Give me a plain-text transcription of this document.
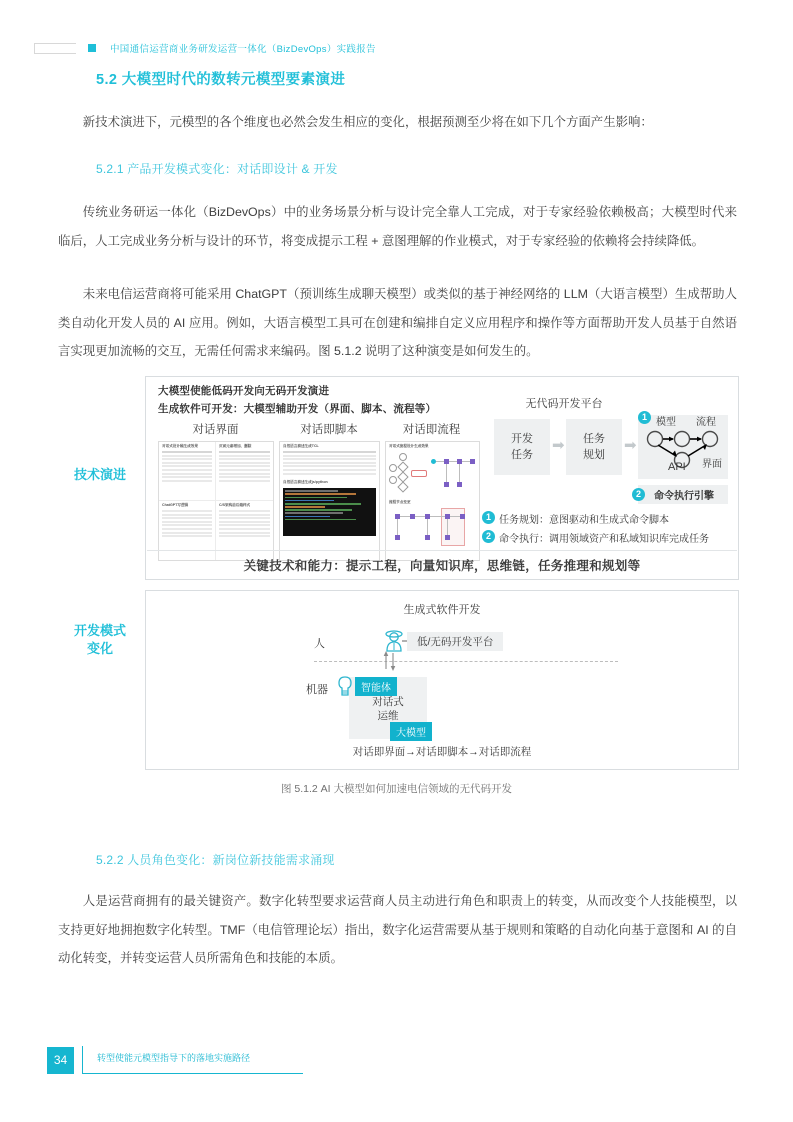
中国通信运营商业务研发运营一体化（BizDevOps）实践报告
5.2 大模型时代的数转元模型要素演进

新技术演进下，元模型的各个维度也必然会发生相应的变化，根据预测至少将在如下几个方面产生影响：

5.2.1 产品开发模式变化：对话即设计 & 开发

传统业务研运一体化（BizDevOps）中的业务场景分析与设计完全靠人工完成，对于专家经验依赖极高；大模型时代来临后，人工完成业务分析与设计的环节，将变成提示工程 + 意图理解的作业模式，对于专家经验的依赖将会持续降低。

未来电信运营商将可能采用 ChatGPT（预训练生成聊天模型）或类似的基于神经网络的 LLM（大语言模型）生成帮助人类自动化开发人员的 AI 应用。例如，大语言模型工具可在创建和编排自定义应用程序和操作等方面帮助开发人员基于自然语言实现更加流畅的交互，无需任何需求来编码。图 5.1.2 说明了这种演变是如何发生的。

技术演进
开发模式
变化
大模型使能低码开发向无码开发演进
生成软件可开发：大模型辅助开发（界面、脚本、流程等）
对话界面	对话即脚本	对话即流程
对话式设计稿生成效果	页面元素增加、删除
ChatGPT写逻辑	C/S架构前后端样式
自然语言描述生成TCL
自然语言描述生成js/python
对话式流程设计生成效果
流程节点变更
无代码开发平台
开发
任务
➡ 任务
规划
➡
1 模型 流程
界面
API
命令执行引擎
2
1 任务规划：意图驱动和生成式命令脚本
2 命令执行：调用领域资产和私域知识库完成任务
关键技术和能力：提示工程，向量知识库，思维链，任务推理和规划等
生成式软件开发
人
机器
低/无码开发平台
智能体
对话式
运维
大模型
对话即界面→对话即脚本→对话即流程
图 5.1.2 AI 大模型如何加速电信领域的无代码开发
5.2.2 人员角色变化：新岗位新技能需求涌现

人是运营商拥有的最关键资产。数字化转型要求运营商人员主动进行角色和职责上的转变，从而改变个人技能模型，以支持更好地拥抱数字化转型。TMF（电信管理论坛）指出，数字化运营需要从基于规则和策略的自动化向基于意图和 AI 的自动化转变，并转变运营人员所需角色和技能的本质。

34	转型使能元模型指导下的落地实施路径
